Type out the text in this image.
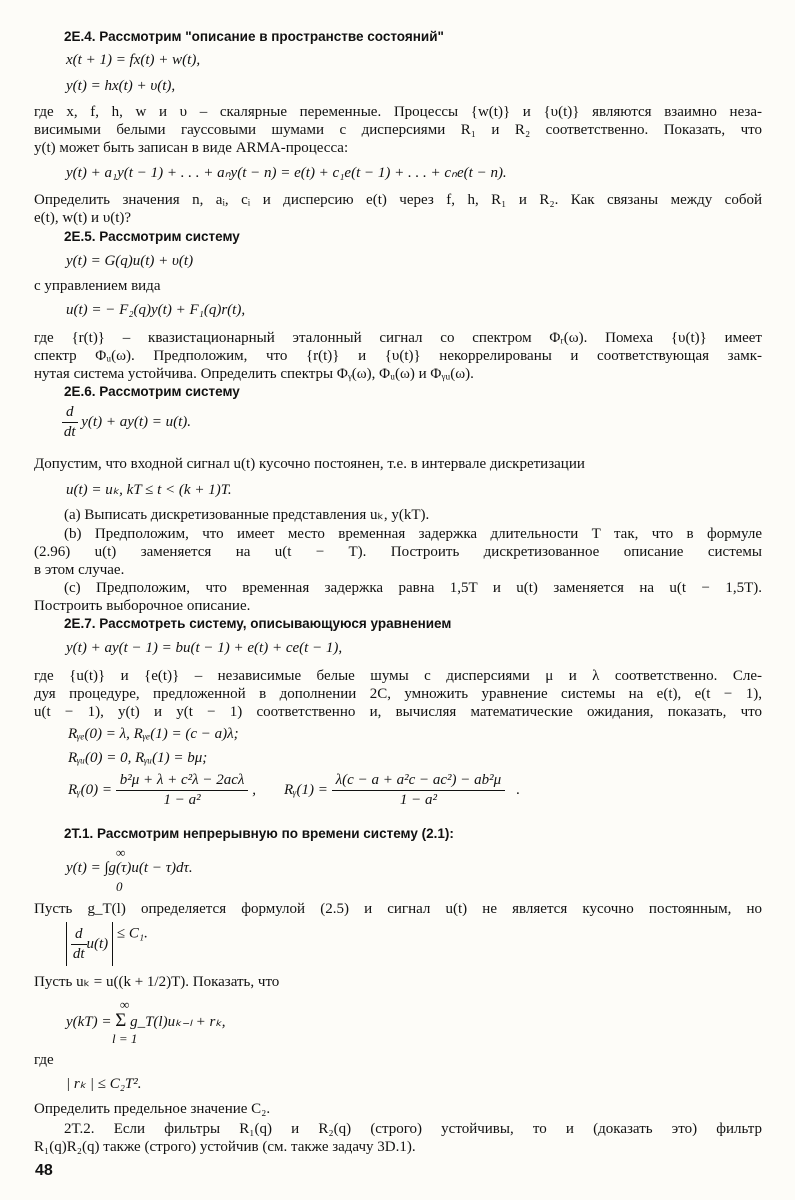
2E.4. Рассмотрим "описание в пространстве состояний"
x(t + 1) = fx(t) + w(t),
y(t) = hx(t) + υ(t),
где x, f, h, w и υ – скалярные переменные. Процессы {w(t)} и {υ(t)} являются взаимно неза-
висимыми белыми гауссовыми шумами с дисперсиями R₁ и R₂ соответственно. Показать, что
y(t) может быть записан в виде ARMA-процесса:
y(t) + a₁y(t − 1) + . . . + aₙy(t − n) = e(t) + c₁e(t − 1) + . . . + cₙe(t − n).
Определить значения n, aᵢ, cᵢ и дисперсию e(t) через f, h, R₁ и R₂. Как связаны между собой
e(t), w(t) и υ(t)?
2E.5. Рассмотрим систему
y(t) = G(q)u(t) + υ(t)
с управлением вида
u(t) = − F₂(q)y(t) + F₁(q)r(t),
где {r(t)} – квазистационарный эталонный сигнал со спектром Φᵣ(ω). Помеха {υ(t)} имеет
спектр Φᵤ(ω). Предположим, что {r(t)} и {υ(t)} некоррелированы и соответствующая замк-
нутая система устойчива. Определить спектры Φᵧ(ω), Φᵤ(ω) и Φᵧᵤ(ω).
2E.6. Рассмотрим систему
$\frac{d}{dt} y(t) + ay(t) = u(t)$.
Допустим, что входной сигнал u(t) кусочно постоянен, т.е. в интервале дискретизации
u(t) = uₖ, kT ≤ t < (k + 1)T.
(a) Выписать дискретизованные представления uₖ, y(kT).
(b) Предположим, что имеет место временная задержка длительности T так, что в формуле
(2.96) u(t) заменяется на u(t − T). Построить дискретизованное описание системы
в этом случае.
(c) Предположим, что временная задержка равна 1,5T и u(t) заменяется на u(t − 1,5T).
Построить выборочное описание.
2E.7. Рассмотреть систему, описывающуюся уравнением
y(t) + ay(t − 1) = bu(t − 1) + e(t) + ce(t − 1),
где {u(t)} и {e(t)} – независимые белые шумы с дисперсиями μ и λ соответственно. Сле-
дуя процедуре, предложенной в дополнении 2C, умножить уравнение системы на e(t), e(t − 1),
u(t − 1), y(t) и y(t − 1) соответственно и, вычисляя математические ожидания, показать, что
Rᵧₑ(0) = λ, Rᵧₑ(1) = (c − a)λ;
Rᵧᵤ(0) = 0, Rᵧᵤ(1) = bμ;
Rᵧ(0) = $\frac{\text{b²μ + λ + c²λ − 2acλ}}{\text{1 − a²}}$ , Rᵧ(1) = $\frac{\text{λ(c − a + a²c − ac²) − ab²μ}}{\text{1 − a²}}$ .
2T.1. Рассмотрим непрерывную по времени систему (2.1):
∞
y(t) = ∫g(τ)u(t − τ)dτ.
0
Пусть g_T(l) определяется формулой (2.5) и сигнал u(t) не является кусочно постоянным, но
$\frac{d}{dt} u(t)$
≤ C₁.
Пусть uₖ = u((k + 1/2)T). Показать, что
∞
y(kT) = Σ g_T(l)uₖ₋ₗ + rₖ,
l = 1
где
| rₖ | ≤ C₂T².
Определить предельное значение C₂.
2T.2. Если фильтры R₁(q) и R₂(q) (строго) устойчивы, то и (доказать это) фильтр
R₁(q)R₂(q) также (строго) устойчив (см. также задачу 3D.1).
48
